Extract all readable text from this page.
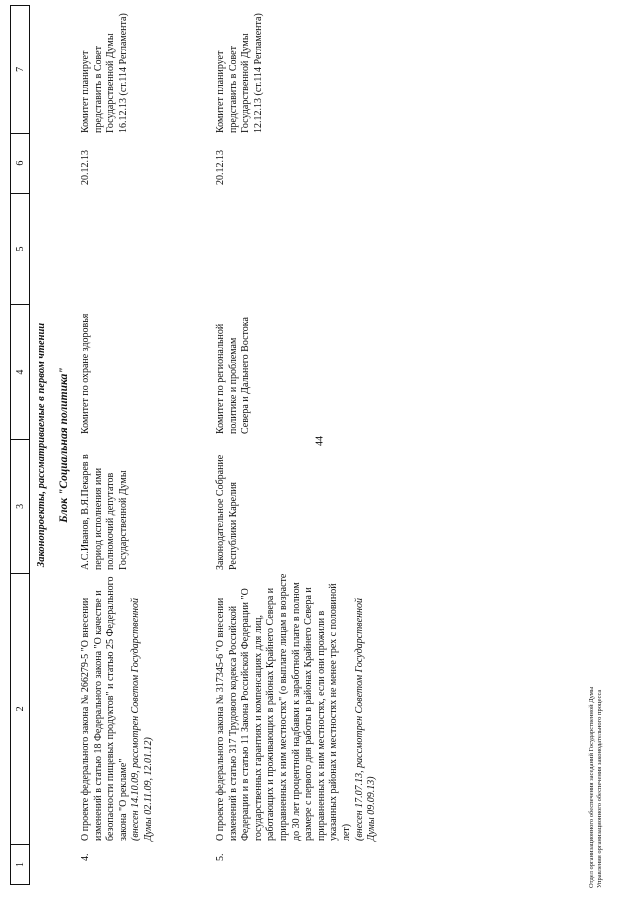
44
1
2
3
4
5
6
7
Законопроекты, рассматриваемые в первом чтении Блок "Социальная политика"
4.
О проекте федерального закона № 266279-5 "О внесении изменений в статью 18 Федерального закона "О качестве и безопасности пищевых продуктов" и статью 25 Федерального закона "О рекламе" (внесен 14.10.09, рассмотрен Советом Государственной Думы 02.11.09, 12.01.12)
А.С.Иванов, В.Я.Пекарев в период исполнения ими полномочий депутатов Государственной Думы
Комитет по охране здоровья
20.12.13
Комитет планирует представить в Совет Государственной Думы 16.12.13 (ст.114 Регламента)
5.
О проекте федерального закона № 317345-6 "О внесении изменений в статью 317 Трудового кодекса Российской Федерации и в статью 11 Закона Российской Федерации "О государственных гарантиях и компенсациях для лиц, работающих и проживающих в районах Крайнего Севера и приравненных к ним местностях" (о выплате лицам в возрасте до 30 лет процентной надбавки к заработной плате в полном размере с первого дня работы в районах Крайнего Севера и приравненных к ним местностях, если они прожили в указанных районах и местностях не менее трех с половиной лет) (внесен 17.07.13, рассмотрен Советом Государственной Думы 09.09.13)
Законодательное Собрание Республики Карелия
Комитет по региональной политике и проблемам Севера и Дальнего Востока
20.12.13
Комитет планирует представить в Совет Государственной Думы 12.12.13 (ст.114 Регламента)
Отдел организационного обеспечения заседаний Государственной Думы Управления организационного обеспечения законодательного процесса
